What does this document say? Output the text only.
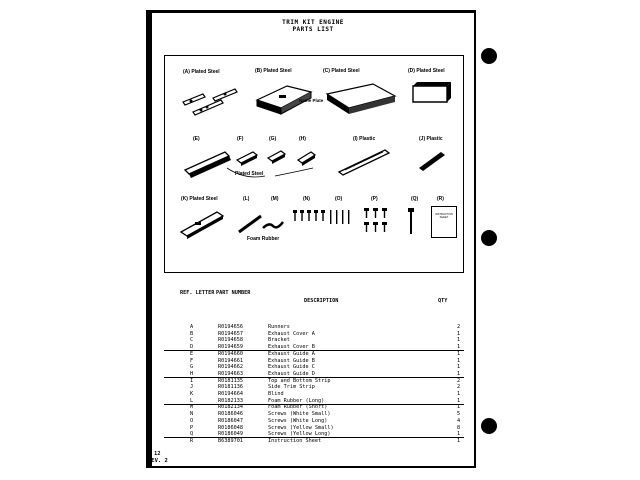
TRIM KIT ENGINE
PARTS LIST
(A) Plated Steel	(B) Plated Steel	(C) Plated Steel	(D) Plated Steel
Name Plate
(E)	(F)	(G)	(H)	(I) Plastic	(J) Plastic
Plated Steel
(K) Plated Steel	(L)	(M)	(N)	(O)	(P)	(Q)	(R)
Foam Rubber
INSTRUCTION SHEET
REF. LETTER PART NUMBER
DESCRIPTION	QTY
A	R0194656	Runners	2
B	R0194657	Exhaust Cover A	1
C	R0194658	Bracket	1
D	R0194659	Exhaust Cover B	1
E	R0194660	Exhaust Guide A	1
F	R0194661	Exhaust Guide B	1
G	R0194662	Exhaust Guide C	1
H	R0194663	Exhaust Guide D	1
I	R0181135	Top and Bottom Strip	2
J	R0181136	Side Trim Strip	2
K	R0194664	Blind	1
L	R0182133	Foam Rubber (Long)	1
M	R0182134	Foam Rubber (Short)	1
N	R0186046	Screws (White Small)	5
O	R0186047	Screws (White Long)	4
P	R0186048	Screws (Yellow Small)	8
Q	R0186049	Screws (Yellow Long)	1
R	B6389701	Instruction Sheet	1
12
REV. 2
